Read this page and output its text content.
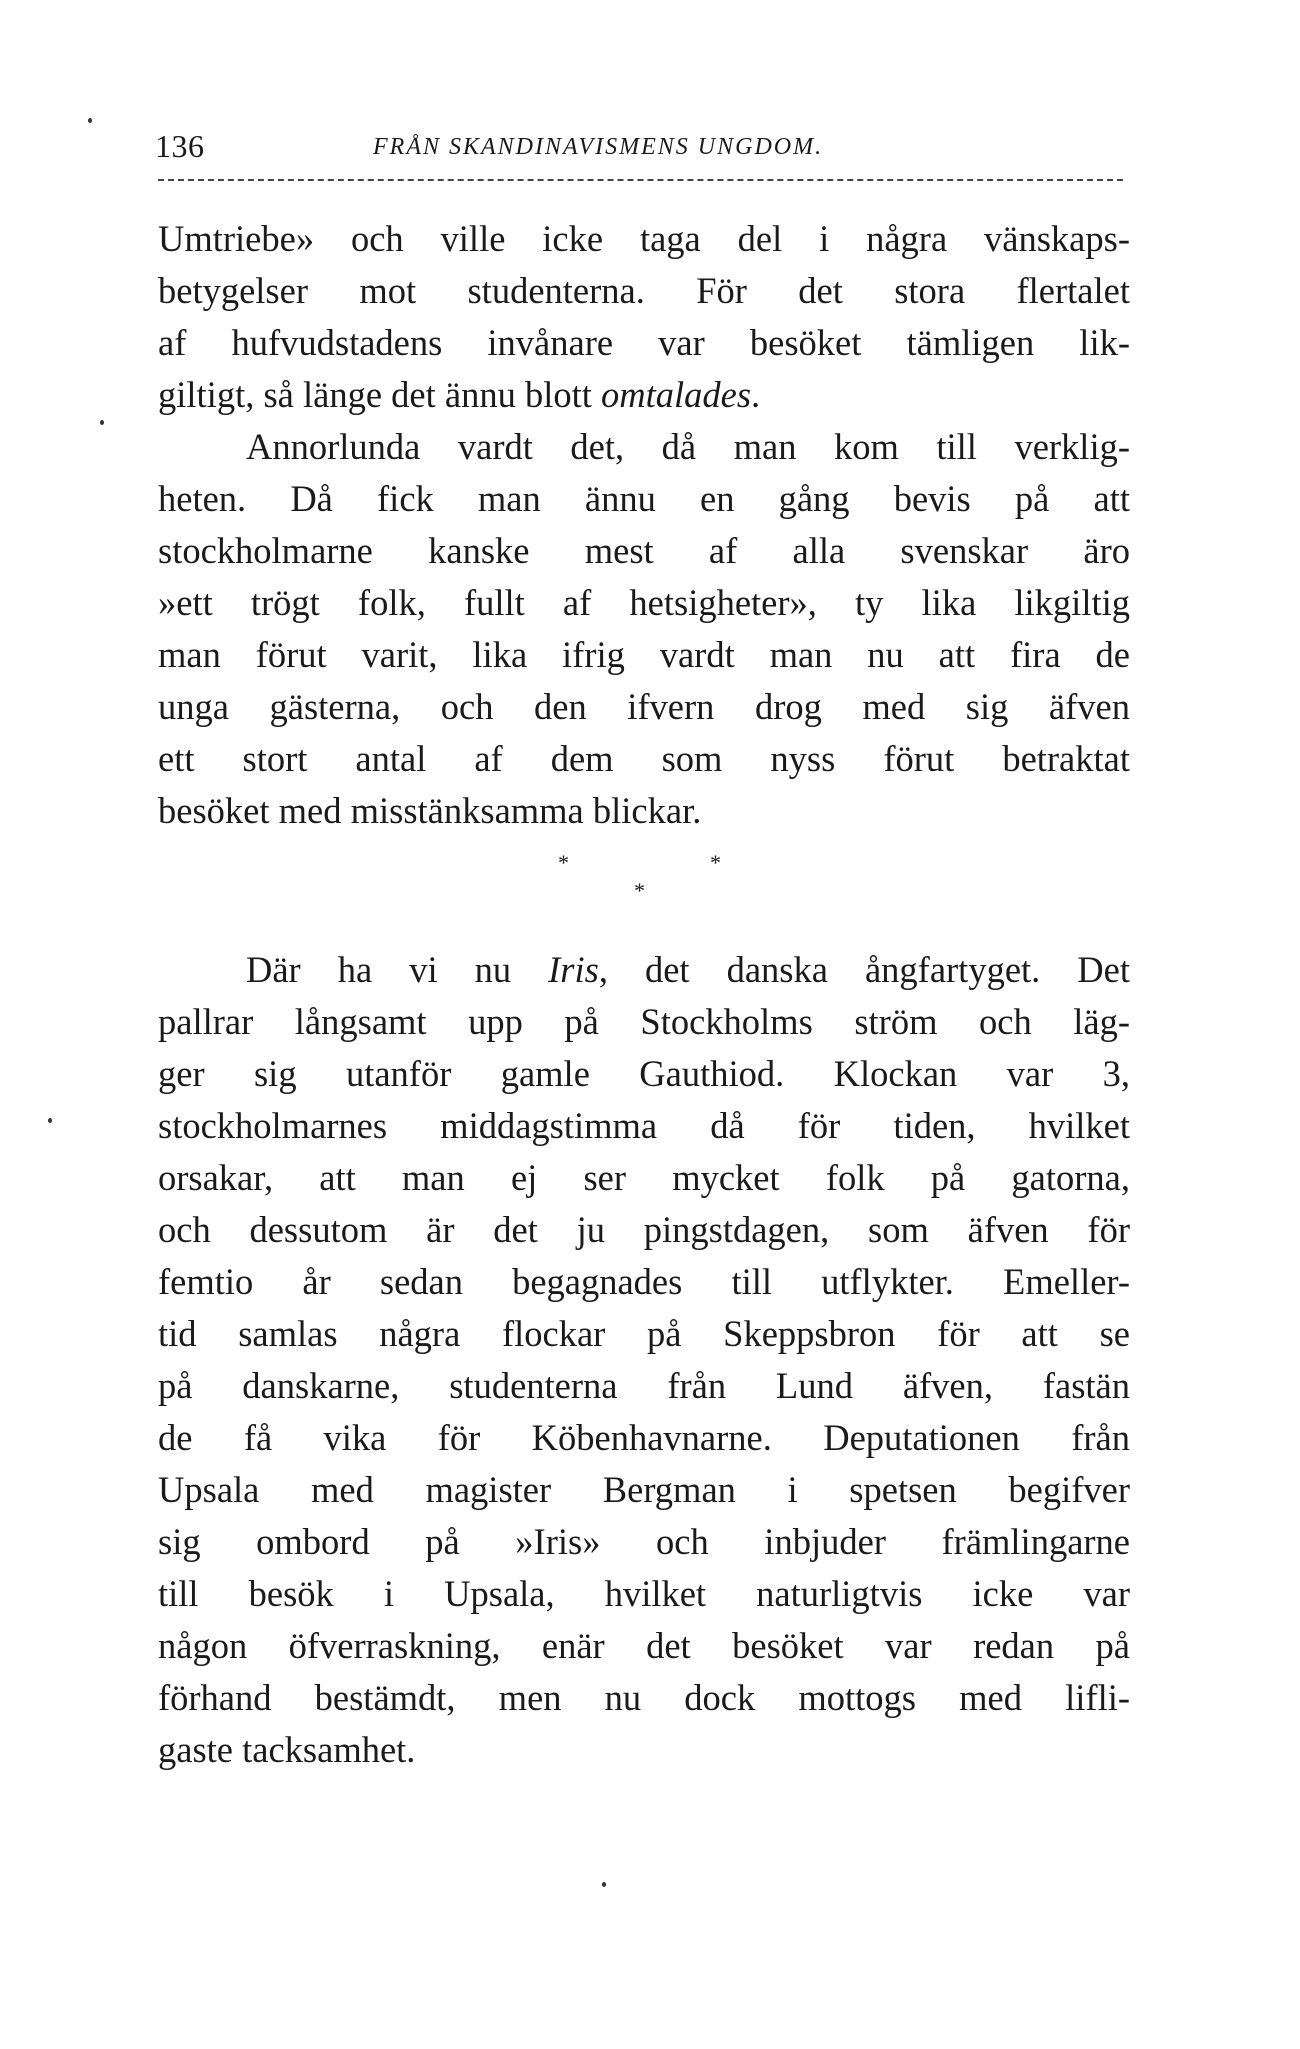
136	FRÅN SKANDINAVISMENS UNGDOM.
Umtriebe» och ville icke taga del i några vänskaps-
betygelser mot studenterna. För det stora flertalet
af hufvudstadens invånare var besöket tämligen lik-
giltigt, så länge det ännu blott omtalades.
Annorlunda vardt det, då man kom till verklig-
heten. Då fick man ännu en gång bevis på att
stockholmarne kanske mest af alla svenskar äro
»ett trögt folk, fullt af hetsigheter», ty lika likgiltig
man förut varit, lika ifrig vardt man nu att fira de
unga gästerna, och den ifvern drog med sig äfven
ett stort antal af dem som nyss förut betraktat
besöket med misstänksamma blickar.
*	*
*
Där ha vi nu Iris, det danska ångfartyget. Det
pallrar långsamt upp på Stockholms ström och läg-
ger sig utanför gamle Gauthiod. Klockan var 3,
stockholmarnes middagstimma då för tiden, hvilket
orsakar, att man ej ser mycket folk på gatorna,
och dessutom är det ju pingstdagen, som äfven för
femtio år sedan begagnades till utflykter. Emeller-
tid samlas några flockar på Skeppsbron för att se
på danskarne, studenterna från Lund äfven, fastän
de få vika för Köbenhavnarne. Deputationen från
Upsala med magister Bergman i spetsen begifver
sig ombord på »Iris» och inbjuder främlingarne
till besök i Upsala, hvilket naturligtvis icke var
någon öfverraskning, enär det besöket var redan på
förhand bestämdt, men nu dock mottogs med lifli-
gaste tacksamhet.
